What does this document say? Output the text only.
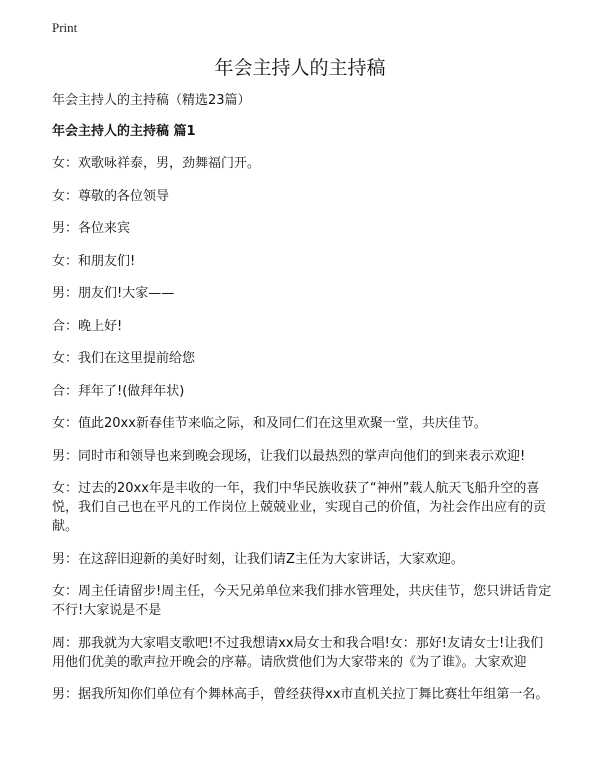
Print
年会主持人的主持稿
年会主持人的主持稿（精选23篇）
年会主持人的主持稿 篇1

女：欢歌咏祥泰，男，劲舞福门开。

女：尊敬的各位领导

男：各位来宾

女：和朋友们!

男：朋友们!大家——

合：晚上好!

女：我们在这里提前给您

合：拜年了!(做拜年状)

女：值此20xx新春佳节来临之际，和及同仁们在这里欢聚一堂，共庆佳节。

男：同时市和领导也来到晚会现场，让我们以最热烈的掌声向他们的到来表示欢迎!

女：过去的20xx年是丰收的一年，我们中华民族收获了“神州”载人航天飞船升空的喜悦，我们自己也在平凡的工作岗位上兢兢业业，实现自己的价值，为社会作出应有的贡献。

男：在这辞旧迎新的美好时刻，让我们请Z主任为大家讲话，大家欢迎。

女：周主任请留步!周主任，今天兄弟单位来我们排水管理处，共庆佳节，您只讲话肯定不行!大家说是不是

周：那我就为大家唱支歌吧!不过我想请xx局女士和我合唱!女：那好!友请女士!让我们用他们优美的歌声拉开晚会的序幕。请欣赏他们为大家带来的《为了谁》。大家欢迎

男：据我所知你们单位有个舞林高手，曾经获得xx市直机关拉丁舞比赛壮年组第一名。
